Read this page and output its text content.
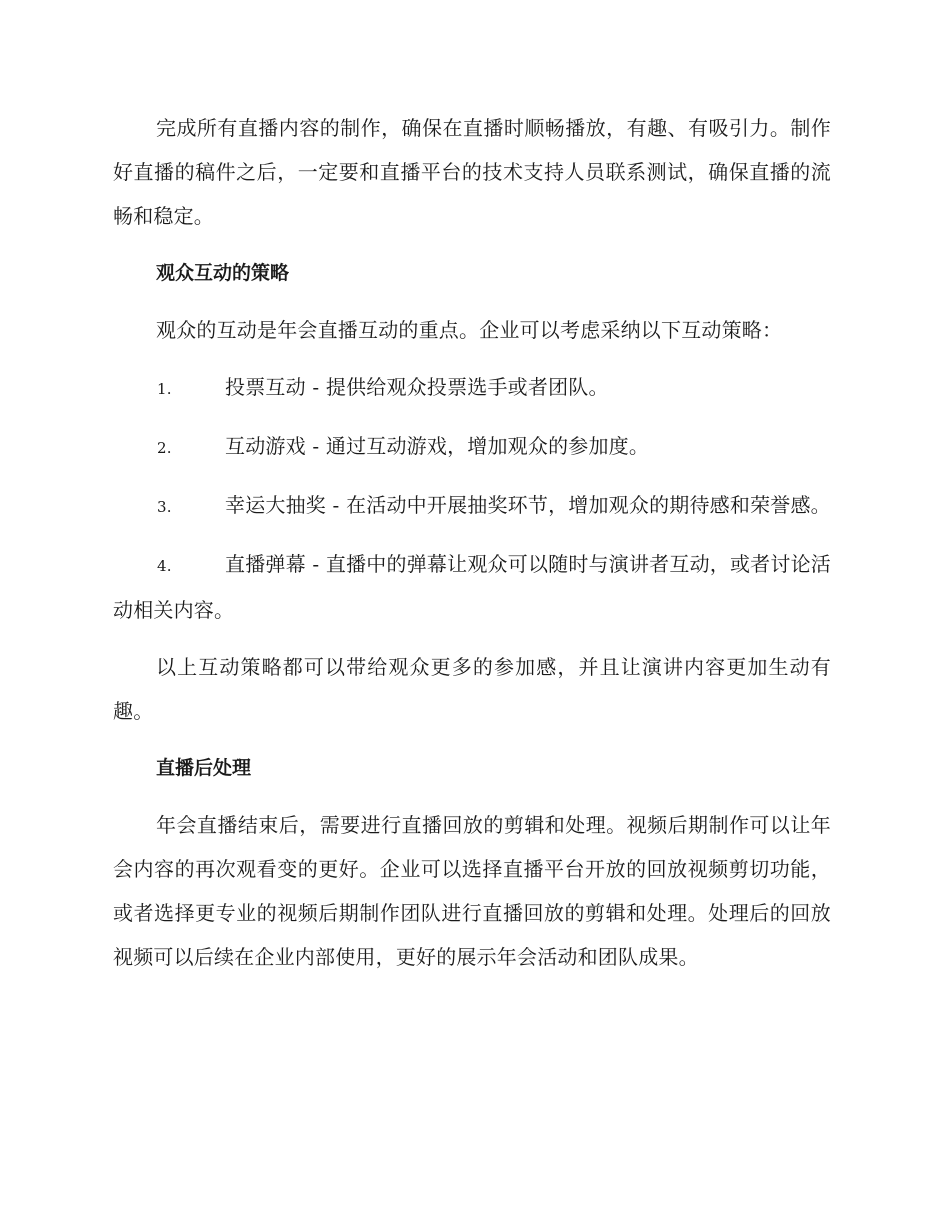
完成所有直播内容的制作，确保在直播时顺畅播放，有趣、有吸引力。制作好直播的稿件之后，一定要和直播平台的技术支持人员联系测试，确保直播的流畅和稳定。

观众互动的策略

观众的互动是年会直播互动的重点。企业可以考虑采纳以下互动策略：

1.	投票互动 - 提供给观众投票选手或者团队。
2.	互动游戏 - 通过互动游戏，增加观众的参加度。
3.	幸运大抽奖 - 在活动中开展抽奖环节，增加观众的期待感和荣誉感。
4.	直播弹幕 - 直播中的弹幕让观众可以随时与演讲者互动，或者讨论活动相关内容。

以上互动策略都可以带给观众更多的参加感，并且让演讲内容更加生动有趣。

直播后处理

年会直播结束后，需要进行直播回放的剪辑和处理。视频后期制作可以让年会内容的再次观看变的更好。企业可以选择直播平台开放的回放视频剪切功能，或者选择更专业的视频后期制作团队进行直播回放的剪辑和处理。处理后的回放视频可以后续在企业内部使用，更好的展示年会活动和团队成果。
